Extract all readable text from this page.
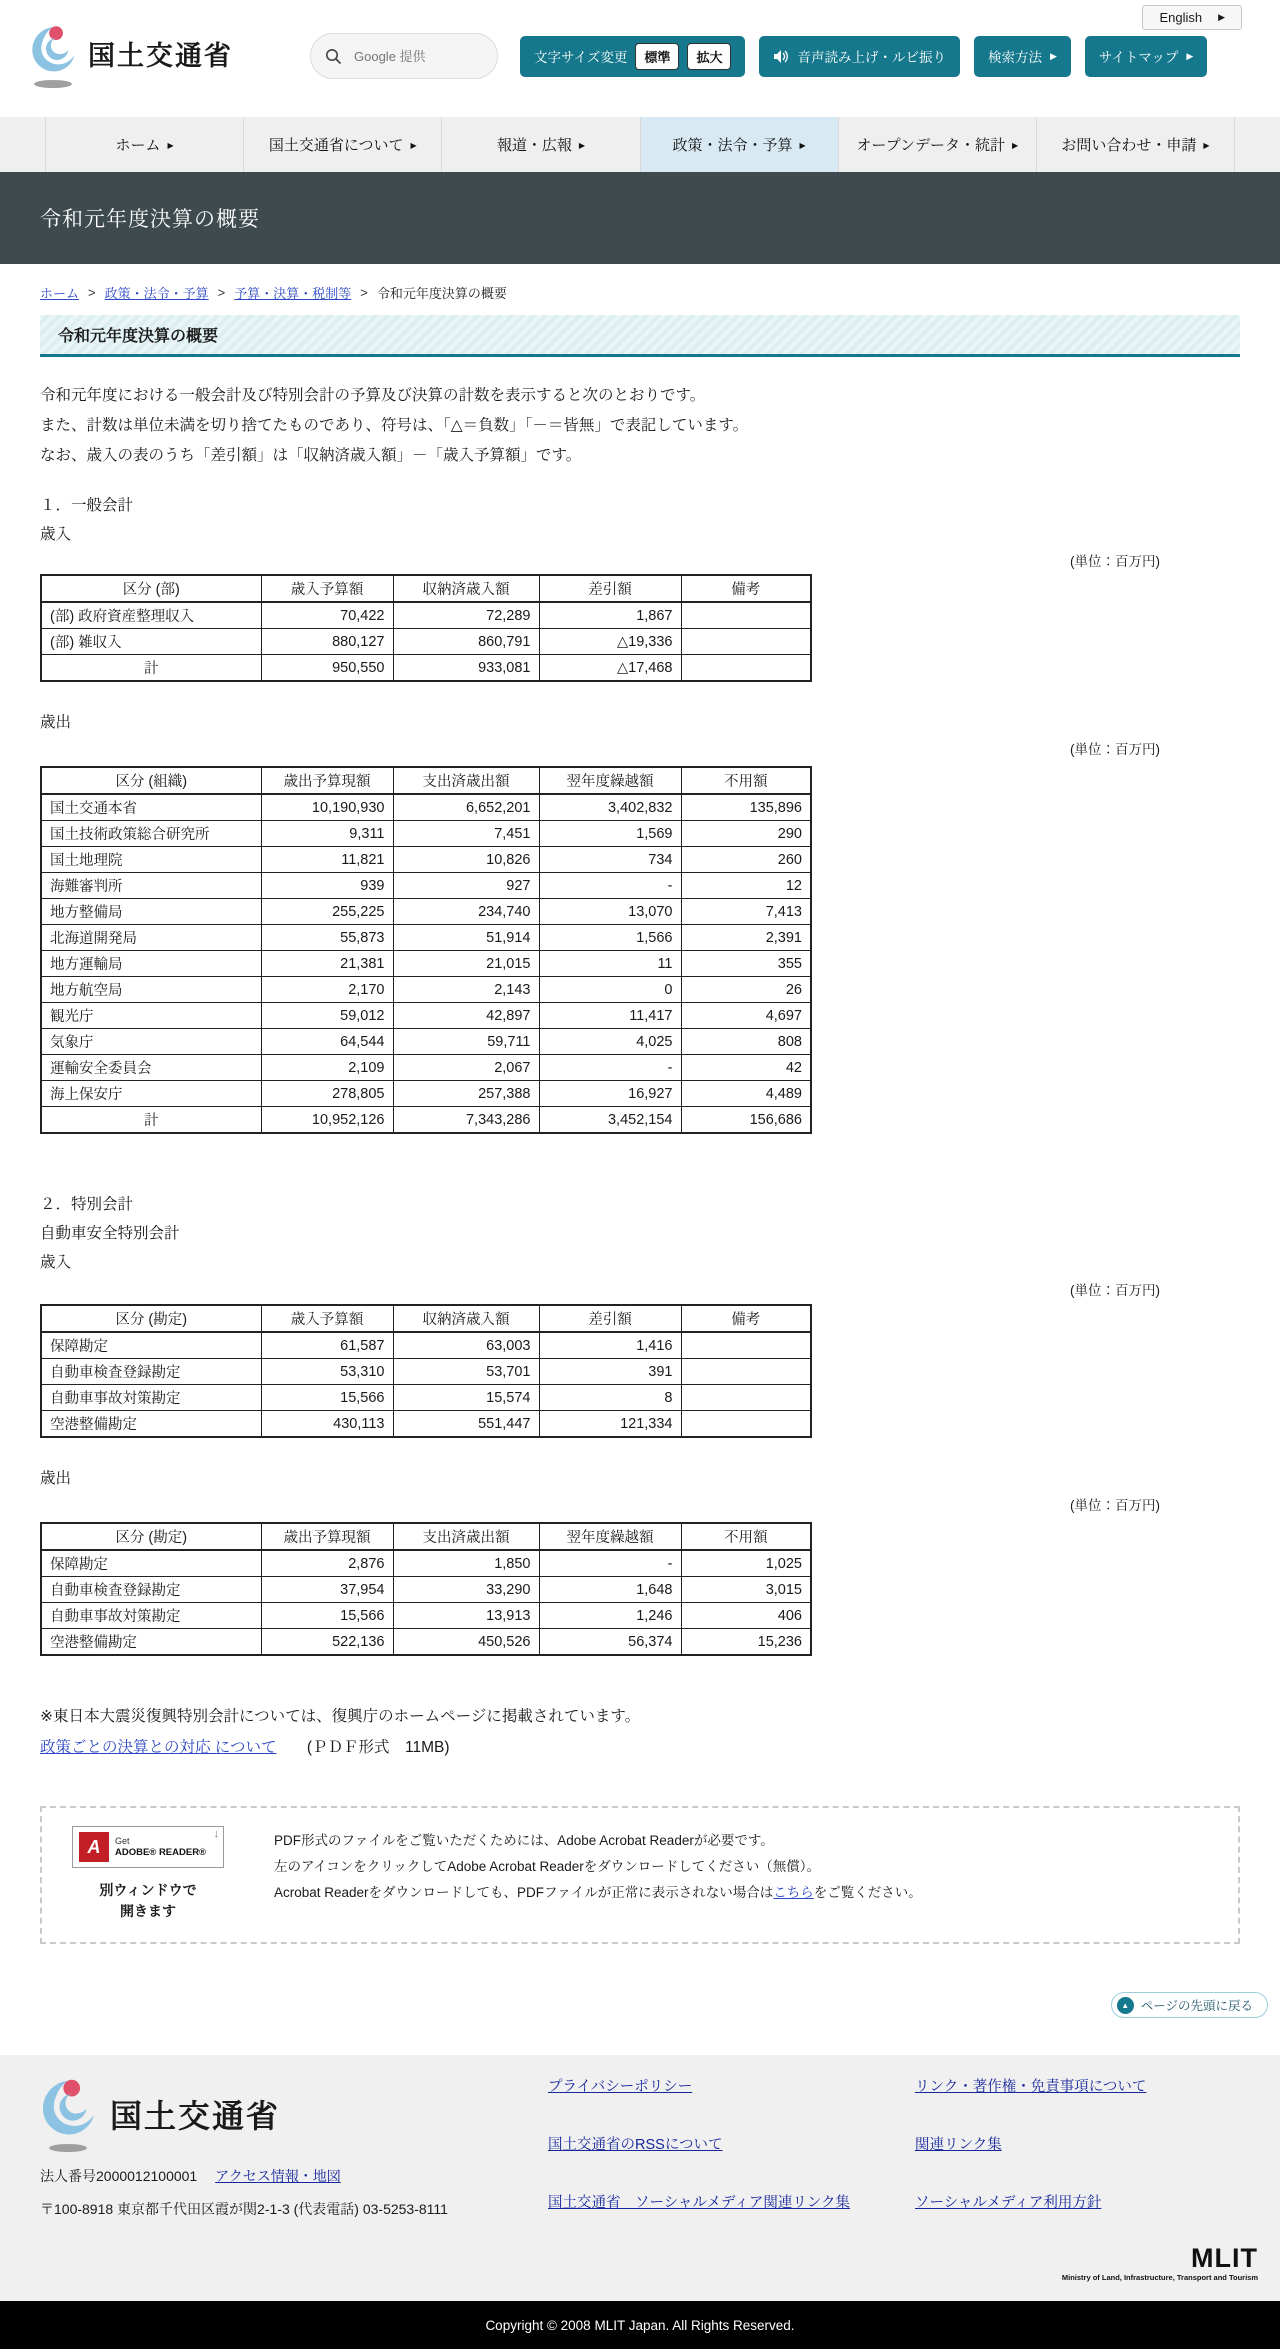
English ▶
国土交通省
Google 提供	文字サイズ変更	標準	拡大	音声読み上げ・ルビ振り	検索方法 ▶	サイトマップ ▶
ホーム ▶	国土交通省について ▶	報道・広報 ▶	政策・法令・予算 ▶	オープンデータ・統計 ▶	お問い合わせ・申請 ▶
令和元年度決算の概要
ホーム > 政策・法令・予算 > 予算・決算・税制等 > 令和元年度決算の概要
令和元年度決算の概要
令和元年度における一般会計及び特別会計の予算及び決算の計数を表示すると次のとおりです。
また、計数は単位未満を切り捨てたものであり、符号は、「△＝負数」「－＝皆無」で表記しています。
なお、歳入の表のうち「差引額」は「収納済歳入額」－「歳入予算額」です。
１．一般会計
歳入
(単位：百万円)
区分 (部)	歳入予算額	収納済歳入額	差引額	備考
(部) 政府資産整理収入	70,422	72,289	1,867	
(部) 雑収入	880,127	860,791	△19,336	
計	950,550	933,081	△17,468	
歳出
(単位：百万円)
区分 (組織)	歳出予算現額	支出済歳出額	翌年度繰越額	不用額
国土交通本省	10,190,930	6,652,201	3,402,832	135,896
国土技術政策総合研究所	9,311	7,451	1,569	290
国土地理院	11,821	10,826	734	260
海難審判所	939	927	-	12
地方整備局	255,225	234,740	13,070	7,413
北海道開発局	55,873	51,914	1,566	2,391
地方運輸局	21,381	21,015	11	355
地方航空局	2,170	2,143	0	26
観光庁	59,012	42,897	11,417	4,697
気象庁	64,544	59,711	4,025	808
運輸安全委員会	2,109	2,067	-	42
海上保安庁	278,805	257,388	16,927	4,489
計	10,952,126	7,343,286	3,452,154	156,686
２．特別会計
自動車安全特別会計
歳入
(単位：百万円)
区分 (勘定)	歳入予算額	収納済歳入額	差引額	備考
保障勘定	61,587	63,003	1,416	
自動車検査登録勘定	53,310	53,701	391	
自動車事故対策勘定	15,566	15,574	8	
空港整備勘定	430,113	551,447	121,334	
歳出
(単位：百万円)
区分 (勘定)	歳出予算現額	支出済歳出額	翌年度繰越額	不用額
保障勘定	2,876	1,850	-	1,025
自動車検査登録勘定	37,954	33,290	1,648	3,015
自動車事故対策勘定	15,566	13,913	1,246	406
空港整備勘定	522,136	450,526	56,374	15,236
※東日本大震災復興特別会計については、復興庁のホームページに掲載されています。
政策ごとの決算との対応 について (ＰＤＦ形式　11MB)
A	Get
ADOBE® READER®
↓
別ウィンドウで
開きます
PDF形式のファイルをご覧いただくためには、Adobe Acrobat Readerが必要です。
左のアイコンをクリックしてAdobe Acrobat Readerをダウンロードしてください（無償）。
Acrobat Readerをダウンロードしても、PDFファイルが正常に表示されない場合はこちらをご覧ください。
▲ ページの先頭に戻る
国土交通省
法人番号2000012100001 アクセス情報・地図
〒100-8918 東京都千代田区霞が関2-1-3 (代表電話) 03-5253-8111
プライバシーポリシー
国土交通省のRSSについて
国土交通省　ソーシャルメディア関連リンク集
リンク・著作権・免責事項について
関連リンク集
ソーシャルメディア利用方針
MLIT
Ministry of Land, Infrastructure, Transport and Tourism
Copyright © 2008 MLIT Japan. All Rights Reserved.
